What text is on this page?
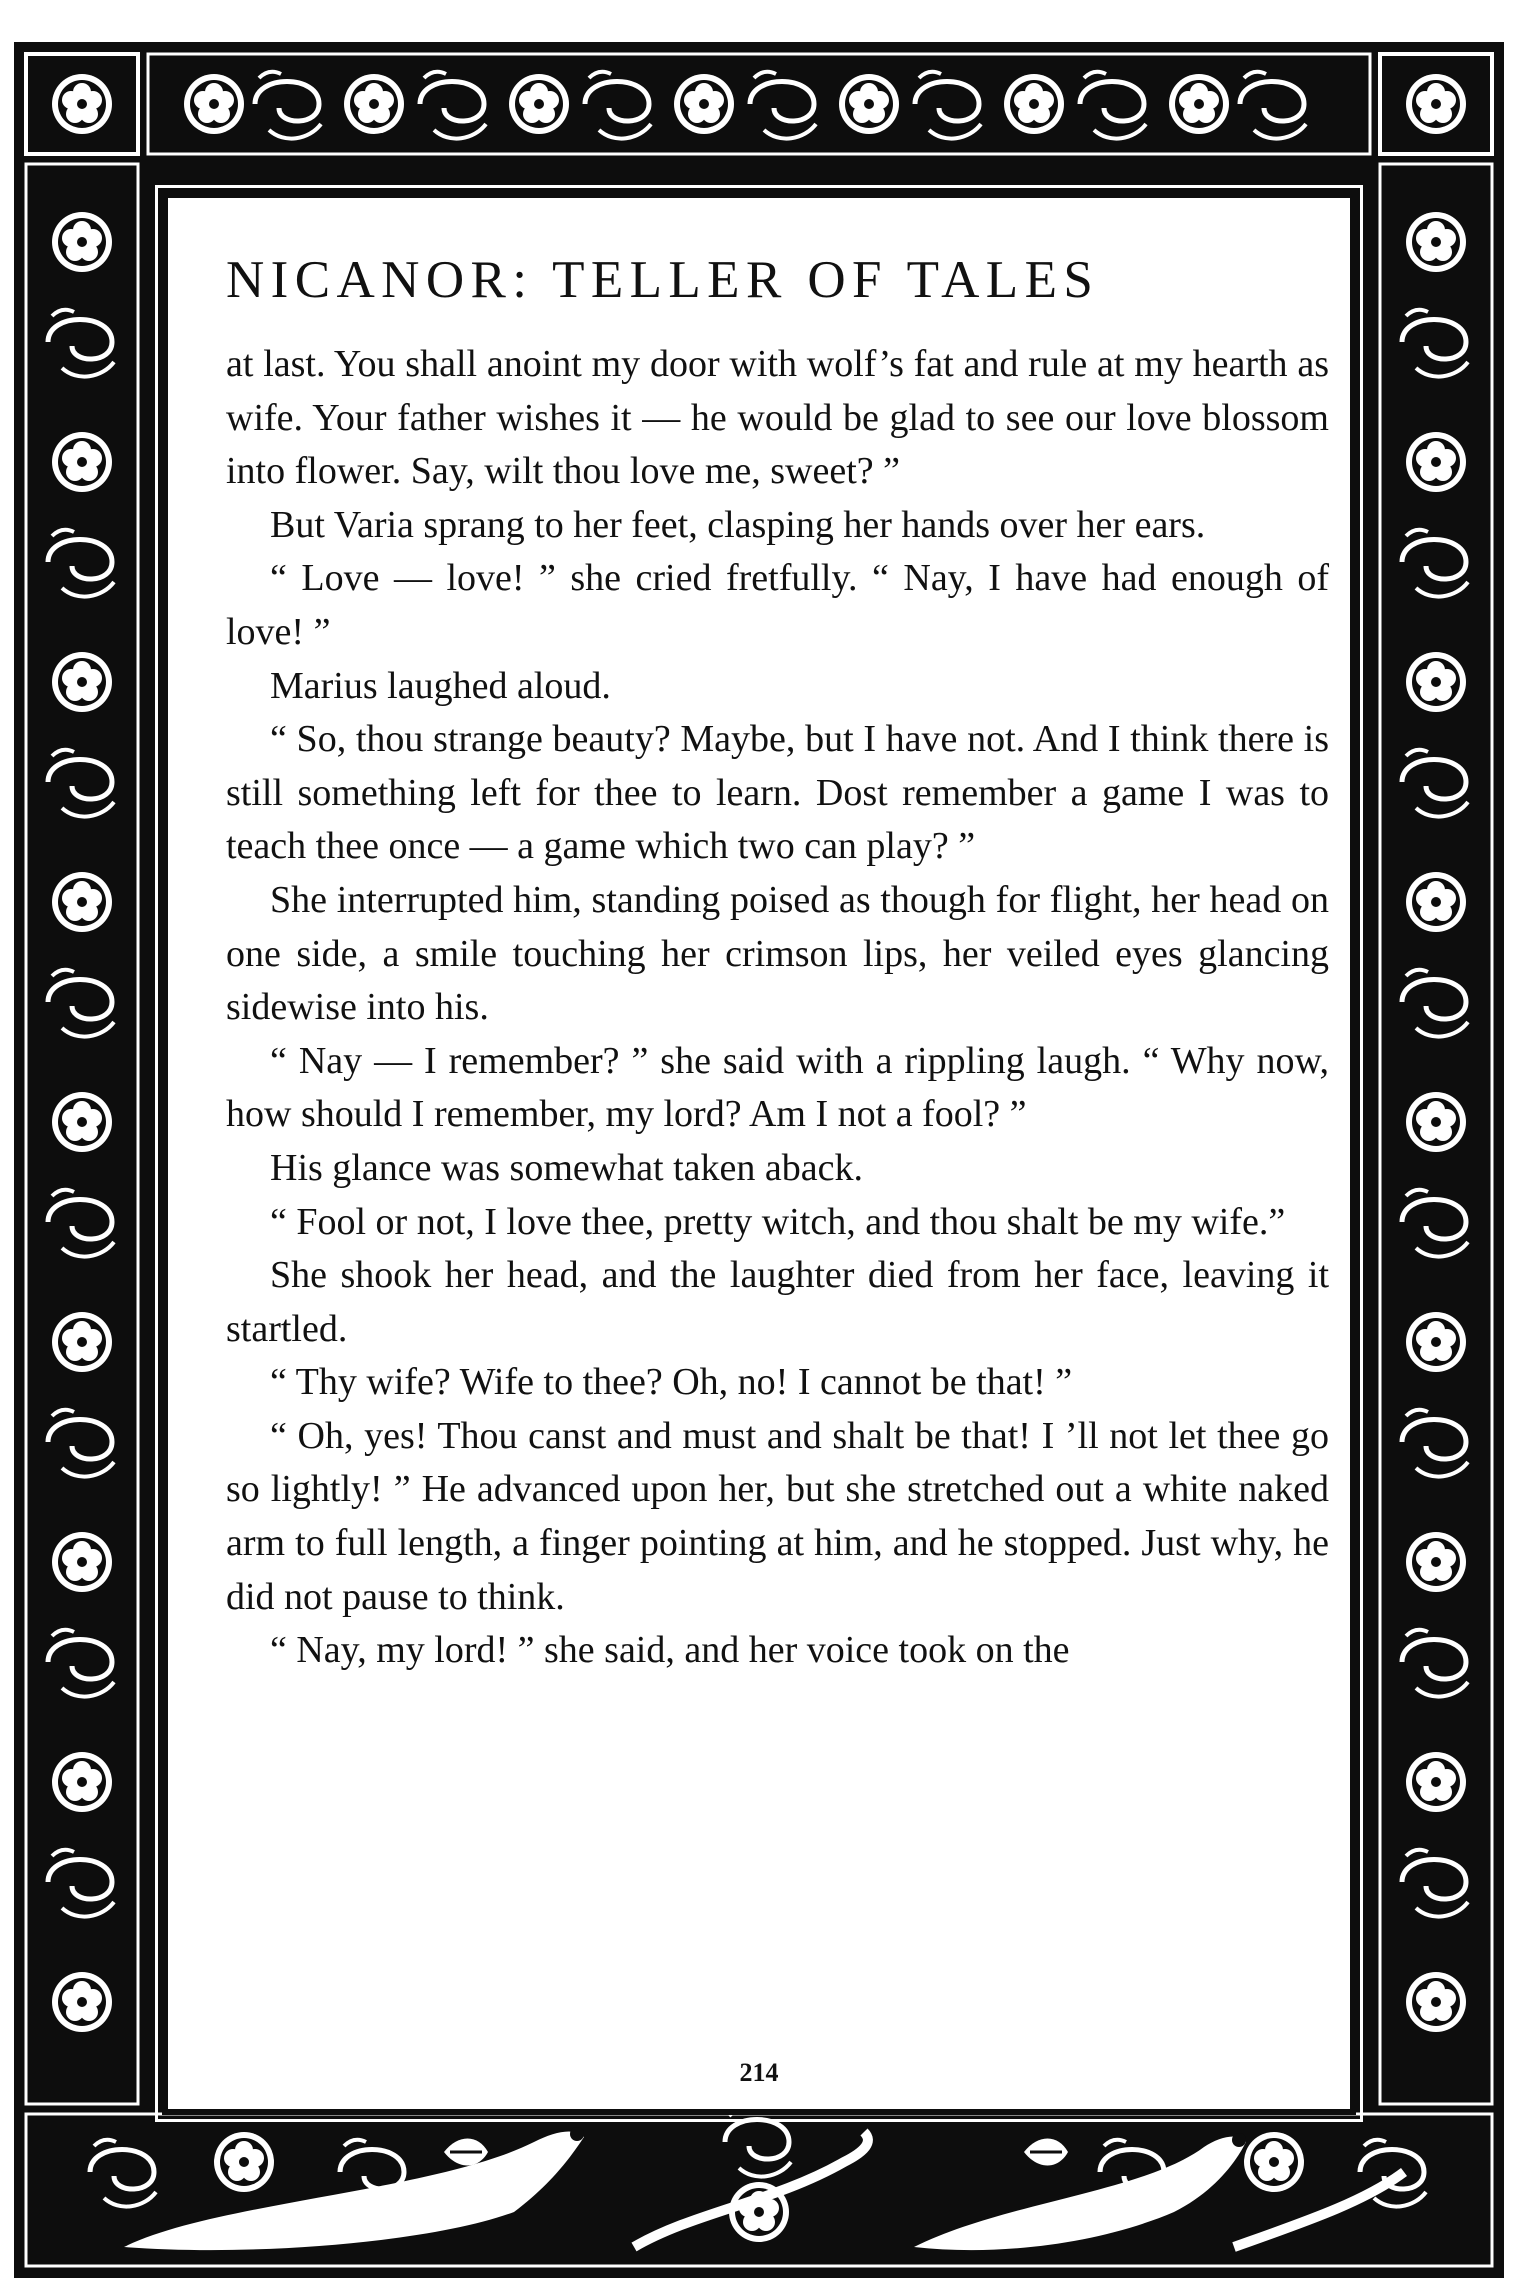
NICANOR: TELLER OF TALES

at last. You shall anoint my door with wolf’s fat and rule at my hearth as wife. Your father wishes it — he would be glad to see our love blossom into flower. Say, wilt thou love me, sweet? ”

But Varia sprang to her feet, clasping her hands over her ears.

“ Love — love! ” she cried fretfully. “ Nay, I have had enough of love! ”

Marius laughed aloud.

“ So, thou strange beauty? Maybe, but I have not. And I think there is still something left for thee to learn. Dost remember a game I was to teach thee once — a game which two can play? ”

She interrupted him, standing poised as though for flight, her head on one side, a smile touching her crimson lips, her veiled eyes glancing sidewise into his.

“ Nay — I remember? ” she said with a rippling laugh. “ Why now, how should I remember, my lord? Am I not a fool? ”

His glance was somewhat taken aback.

“ Fool or not, I love thee, pretty witch, and thou shalt be my wife.”

She shook her head, and the laughter died from her face, leaving it startled.

“ Thy wife? Wife to thee? Oh, no! I cannot be that! ”

“ Oh, yes! Thou canst and must and shalt be that! I ’ll not let thee go so lightly! ” He advanced upon her, but she stretched out a white naked arm to full length, a finger pointing at him, and he stopped. Just why, he did not pause to think.

“ Nay, my lord! ” she said, and her voice took on the

214
